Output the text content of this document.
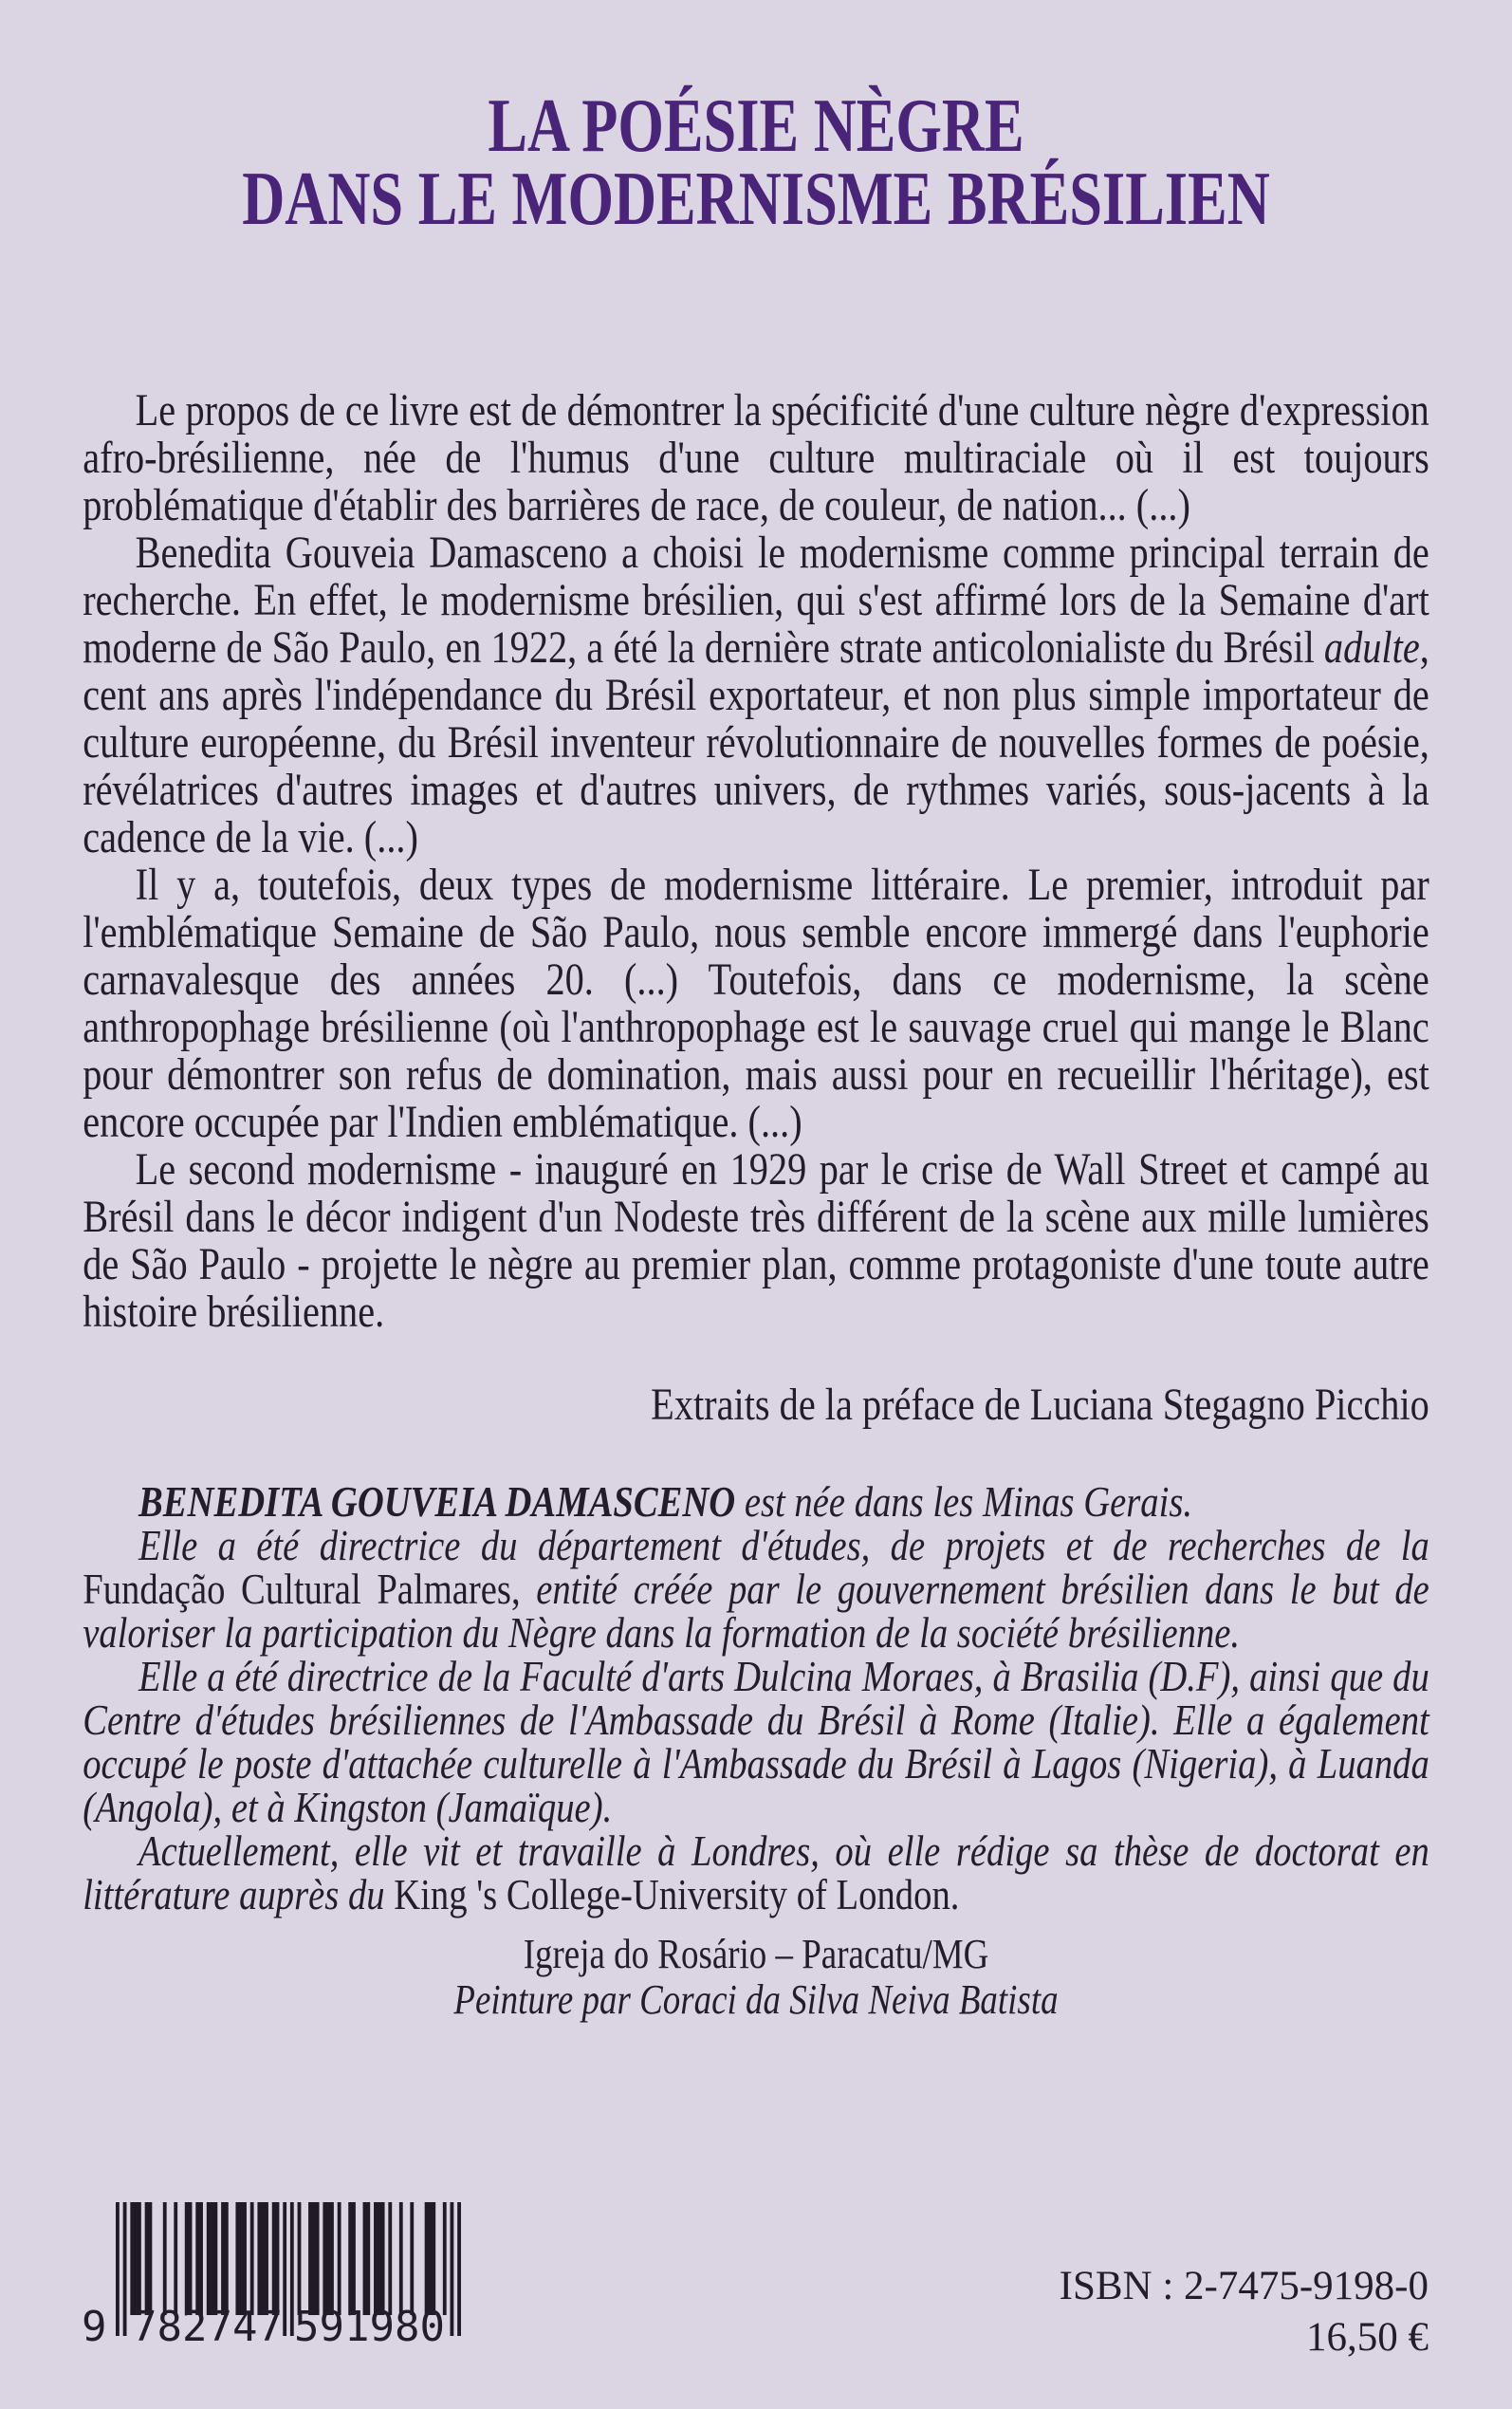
LA POÉSIE NÈGRE
DANS LE MODERNISME BRÉSILIEN

Le propos de ce livre est de démontrer la spécificité d'une culture nègre d'expression afro-brésilienne, née de l'humus d'une culture multiraciale où il est toujours problématique d'établir des barrières de race, de couleur, de nation... (...)

Benedita Gouveia Damasceno a choisi le modernisme comme principal terrain de recherche. En effet, le modernisme brésilien, qui s'est affirmé lors de la Semaine d'art moderne de São Paulo, en 1922, a été la dernière strate anticolonialiste du Brésil adulte, cent ans après l'indépendance du Brésil exportateur, et non plus simple importateur de culture européenne, du Brésil inventeur révolutionnaire de nouvelles formes de poésie, révélatrices d'autres images et d'autres univers, de rythmes variés, sous-jacents à la cadence de la vie. (...)

Il y a, toutefois, deux types de modernisme littéraire. Le premier, introduit par l'emblématique Semaine de São Paulo, nous semble encore immergé dans l'euphorie carnavalesque des années 20. (...) Toutefois, dans ce modernisme, la scène anthropophage brésilienne (où l'anthropophage est le sauvage cruel qui mange le Blanc pour démontrer son refus de domination, mais aussi pour en recueillir l'héritage), est encore occupée par l'Indien emblématique. (...)

Le second modernisme - inauguré en 1929 par le crise de Wall Street et campé au Brésil dans le décor indigent d'un Nodeste très différent de la scène aux mille lumières de São Paulo - projette le nègre au premier plan, comme protagoniste d'une toute autre histoire brésilienne.

Extraits de la préface de Luciana Stegagno Picchio

BENEDITA GOUVEIA DAMASCENO est née dans les Minas Gerais.

Elle a été directrice du département d'études, de projets et de recherches de la Fundação Cultural Palmares, entité créée par le gouvernement brésilien dans le but de valoriser la participation du Nègre dans la formation de la société brésilienne.

Elle a été directrice de la Faculté d'arts Dulcina Moraes, à Brasilia (D.F), ainsi que du Centre d'études brésiliennes de l'Ambassade du Brésil à Rome (Italie). Elle a également occupé le poste d'attachée culturelle à l'Ambassade du Brésil à Lagos (Nigeria), à Luanda (Angola), et à Kingston (Jamaïque).

Actuellement, elle vit et travaille à Londres, où elle rédige sa thèse de doctorat en littérature auprès du King 's College-University of London.

Igreja do Rosário – Paracatu/MG
Peinture par Coraci da Silva Neiva Batista
9 782747 591980
ISBN : 2-7475-9198-0
16,50 €
